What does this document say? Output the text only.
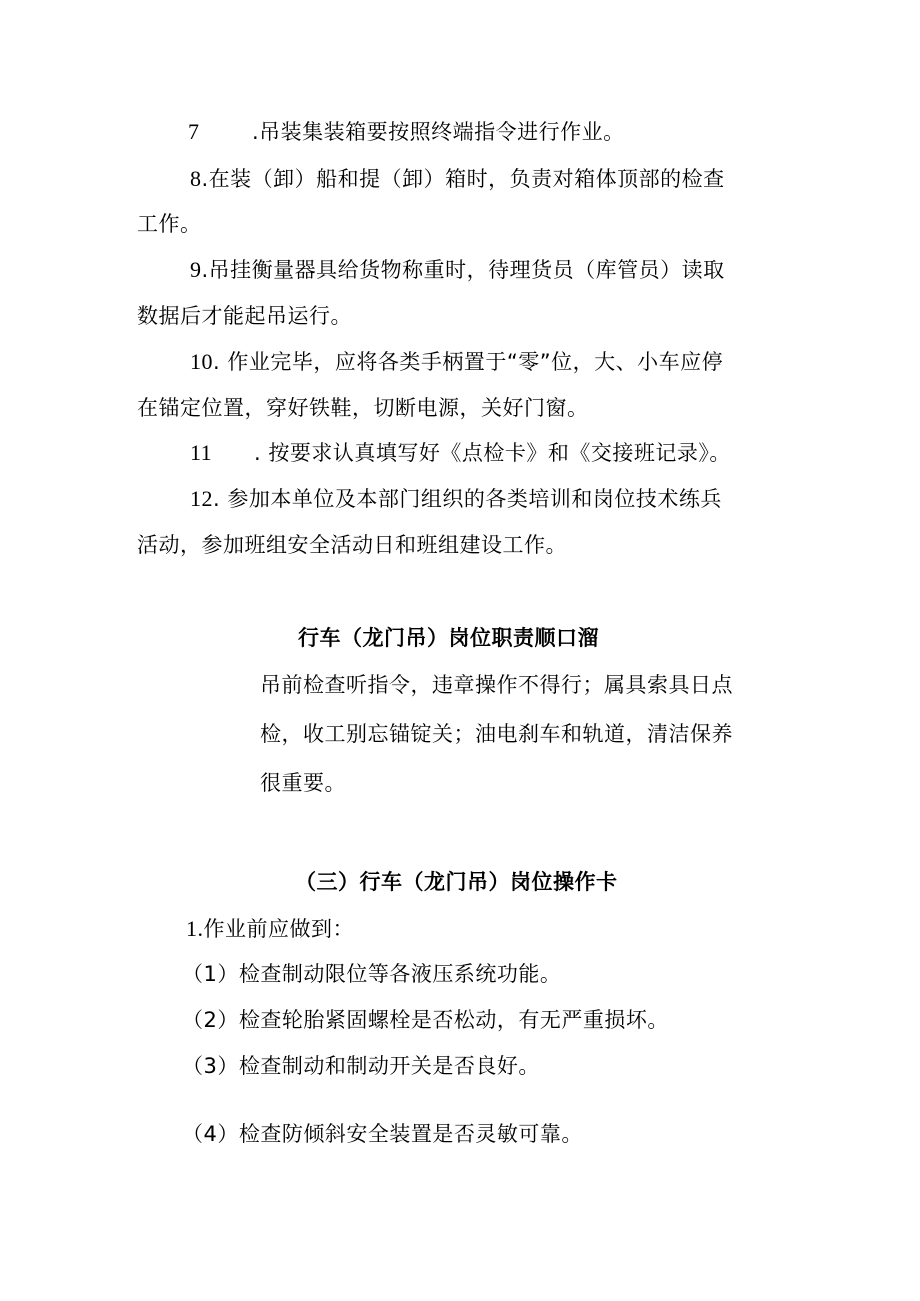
7	.吊装集装箱要按照终端指令进行作业。
8.在装（卸）船和提（卸）箱时，负责对箱体顶部的检查
工作。
9.吊挂衡量器具给货物称重时，待理货员（库管员）读取
数据后才能起吊运行。
10. 作业完毕，应将各类手柄置于“零”位，大、小车应停
在锚定位置，穿好铁鞋，切断电源，关好门窗。
11 . 按要求认真填写好《点检卡》和《交接班记录》。
12. 参加本单位及本部门组织的各类培训和岗位技术练兵
活动，参加班组安全活动日和班组建设工作。
行车（龙门吊）岗位职责顺口溜
吊前检查听指令，违章操作不得行；属具索具日点
检，收工别忘锚锭关；油电刹车和轨道，清洁保养
很重要。
（三）行车（龙门吊）岗位操作卡
1.作业前应做到：
（1）检查制动限位等各液压系统功能。
（2）检查轮胎紧固螺栓是否松动，有无严重损坏。
（3）检查制动和制动开关是否良好。
（4）检查防倾斜安全装置是否灵敏可靠。
